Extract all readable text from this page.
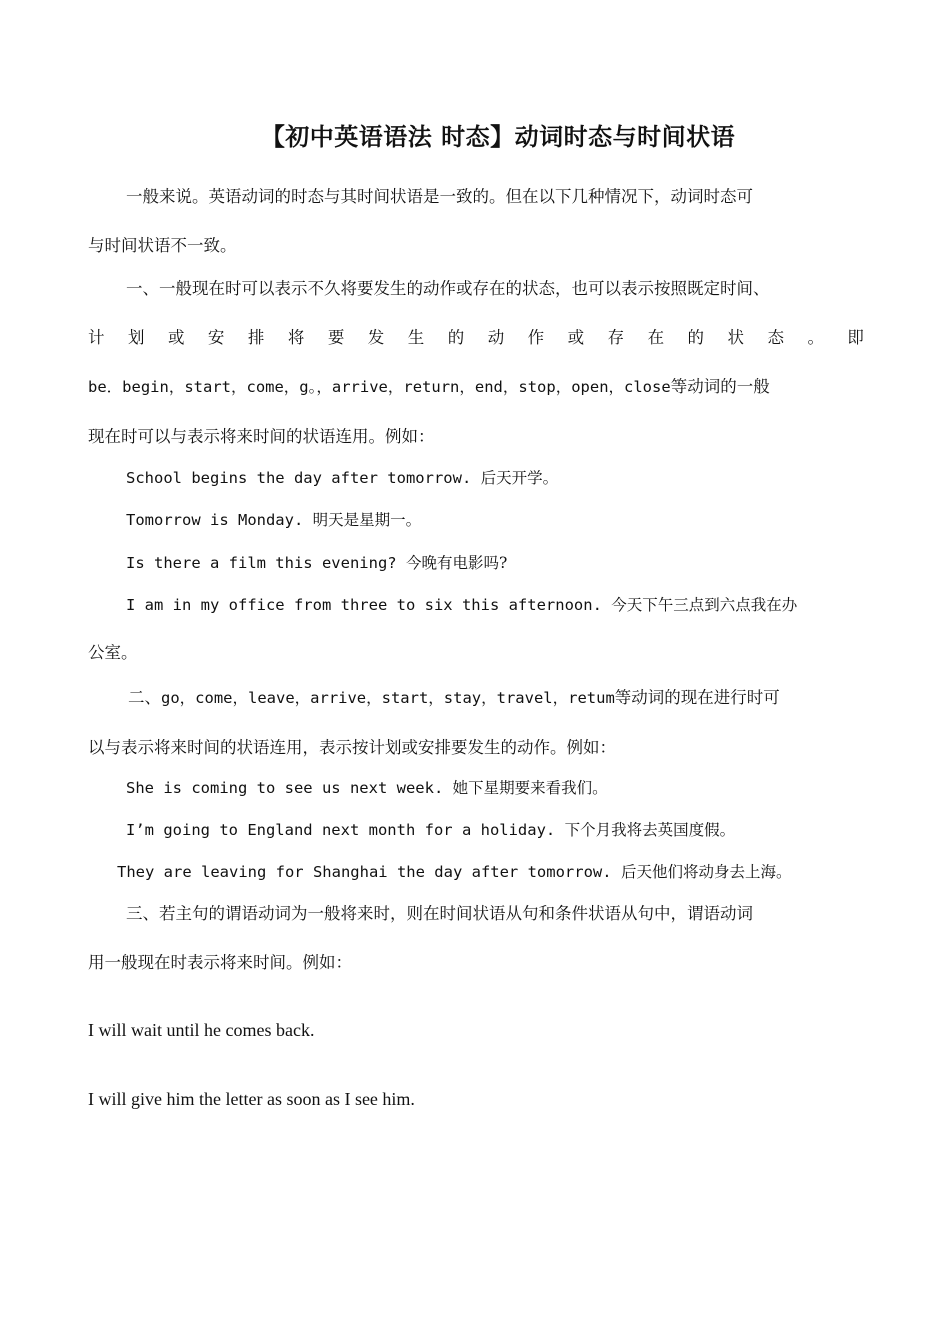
【初中英语语法 时态】动词时态与时间状语
一般来说。英语动词的时态与其时间状语是一致的。但在以下几种情况下，动词时态可
与时间状语不一致。
一、一般现在时可以表示不久将要发生的动作或存在的状态，也可以表示按照既定时间、
计 划 或 安 排 将 要 发 生 的 动 作 或 存 在 的 状 态 。 即
be．begin，start，come，g。，arrive，return，end，stop，open，close等动词的一般
现在时可以与表示将来时间的状语连用。例如：
School begins the day after tomorrow. 后天开学。
Tomorrow is Monday. 明天是星期一。
Is there a film this evening? 今晚有电影吗?
I am in my office from three to six this afternoon. 今天下午三点到六点我在办
公室。
二、go，come，leave，arrive，start，stay，travel，retum等动词的现在进行时可
以与表示将来时间的状语连用，表示按计划或安排要发生的动作。例如：
She is coming to see us next week. 她下星期要来看我们。
I’m going to England next month for a holiday. 下个月我将去英国度假。
They are leaving for Shanghai the day after tomorrow. 后天他们将动身去上海。
三、若主句的谓语动词为一般将来时，则在时间状语从句和条件状语从句中，谓语动词
用一般现在时表示将来时间。例如：
I will wait until he comes back.
I will give him the letter as soon as I see him.
